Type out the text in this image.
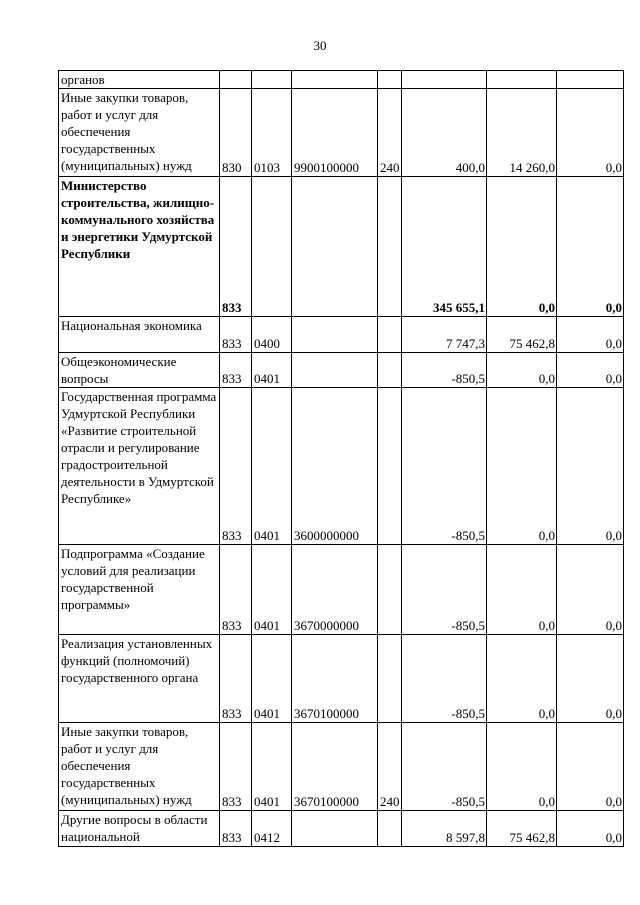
30
органов							
Иные закупки товаров, работ и услуг для обеспечения государственных (муниципальных) нужд	830	0103	9900100000	240	400,0	14 260,0	0,0
Министерство строительства, жилищно-коммунального хозяйства и энергетики Удмуртской Республики	833				345 655,1	0,0	0,0
Национальная экономика	833	0400			7 747,3	75 462,8	0,0
Общеэкономические вопросы	833	0401			-850,5	0,0	0,0
Государственная программа Удмуртской Республики «Развитие строительной отрасли и регулирование градостроительной деятельности в Удмуртской Республике»	833	0401	3600000000		-850,5	0,0	0,0
Подпрограмма «Создание условий для реализации государственной программы»	833	0401	3670000000		-850,5	0,0	0,0
Реализация установленных функций (полномочий) государственного органа	833	0401	3670100000		-850,5	0,0	0,0
Иные закупки товаров, работ и услуг для обеспечения государственных (муниципальных) нужд	833	0401	3670100000	240	-850,5	0,0	0,0
Другие вопросы в области национальной	833	0412			8 597,8	75 462,8	0,0
